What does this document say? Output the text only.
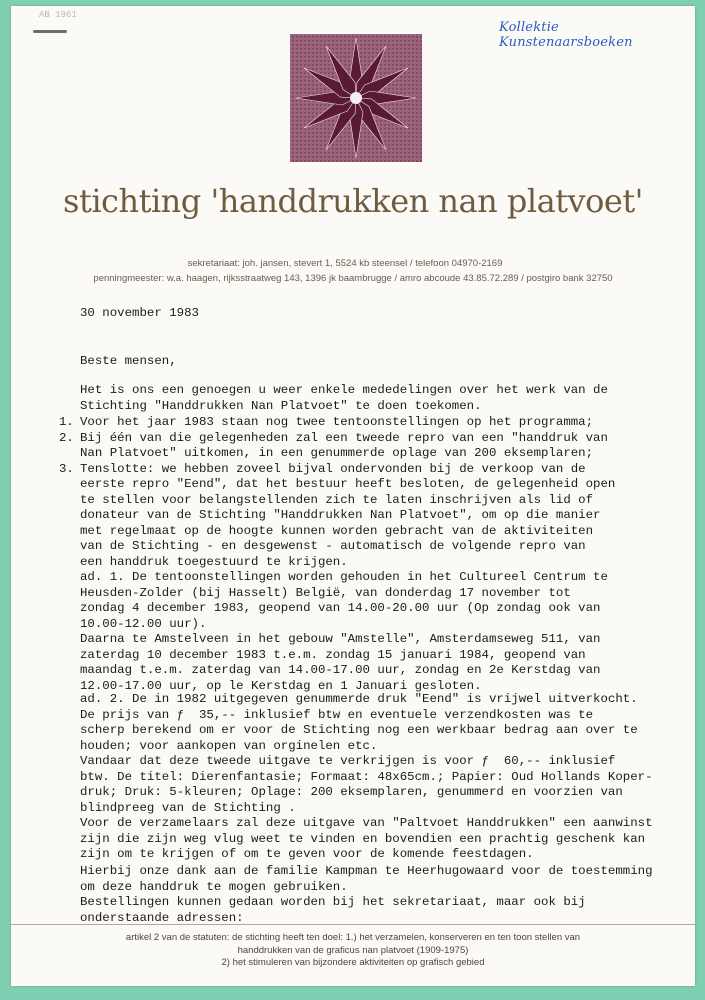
AB 1961
Kollektie Kunstenaarsboeken
stichting 'handdrukken nan platvoet'
sekretariaat: joh. jansen, stevert 1, 5524 kb steensel / telefoon 04970-2169
penningmeester: w.a. haagen, rijksstraatweg 143, 1396 jk baambrugge / amro abcoude 43.85.72.289 / postgiro bank 32750
30 november 1983
Beste mensen,
Het is ons een genoegen u weer enkele mededelingen over het werk van de
Stichting "Handdrukken Nan Platvoet" te doen toekomen.
1. Voor het jaar 1983 staan nog twee tentoonstellingen op het programma;
2. Bij één van die gelegenheden zal een tweede repro van een "handdruk van
Nan Platvoet" uitkomen, in een genummerde oplage van 200 eksemplaren;
3. Tenslotte: we hebben zoveel bijval ondervonden bij de verkoop van de
eerste repro "Eend", dat het bestuur heeft besloten, de gelegenheid open
te stellen voor belangstellenden zich te laten inschrijven als lid of
donateur van de Stichting "Handdrukken Nan Platvoet", om op die manier
met regelmaat op de hoogte kunnen worden gebracht van de aktiviteiten
van de Stichting - en desgewenst - automatisch de volgende repro van
een handdruk toegestuurd te krijgen.
ad. 1. De tentoonstellingen worden gehouden in het Cultureel Centrum te
Heusden-Zolder (bij Hasselt) België, van donderdag 17 november tot
zondag 4 december 1983, geopend van 14.00-20.00 uur (Op zondag ook van
10.00-12.00 uur).
Daarna te Amstelveen in het gebouw "Amstelle", Amsterdamseweg 511, van
zaterdag 10 december 1983 t.e.m. zondag 15 januari 1984, geopend van
maandag t.e.m. zaterdag van 14.00-17.00 uur, zondag en 2e Kerstdag van
12.00-17.00 uur, op le Kerstdag en 1 Januari gesloten.
ad. 2. De in 1982 uitgegeven genummerde druk "Eend" is vrijwel uitverkocht.
De prijs van ƒ  35,-- inklusief btw en eventuele verzendkosten was te
scherp berekend om er voor de Stichting nog een werkbaar bedrag aan over te
houden; voor aankopen van orginelen etc.
Vandaar dat deze tweede uitgave te verkrijgen is voor ƒ  60,-- inklusief
btw. De titel: Dierenfantasie; Formaat: 48x65cm.; Papier: Oud Hollands Koper-
druk; Druk: 5-kleuren; Oplage: 200 eksemplaren, genummerd en voorzien van
blindpreeg van de Stichting .
Voor de verzamelaars zal deze uitgave van "Paltvoet Handdrukken" een aanwinst
zijn die zijn weg vlug weet te vinden en bovendien een prachtig geschenk kan
zijn om te krijgen of om te geven voor de komende feestdagen.
Hierbij onze dank aan de familie Kampman te Heerhugowaard voor de toestemming
om deze handdruk te mogen gebruiken.
Bestellingen kunnen gedaan worden bij het sekretariaat, maar ook bij
onderstaande adressen:
artikel 2 van de statuten: de stichting heeft ten doel: 1.) het verzamelen, konserveren en ten toon stellen van
handdrukken van de graficus nan platvoet (1909-1975)
2) het stimuleren van bijzondere aktiviteiten op grafisch gebied
